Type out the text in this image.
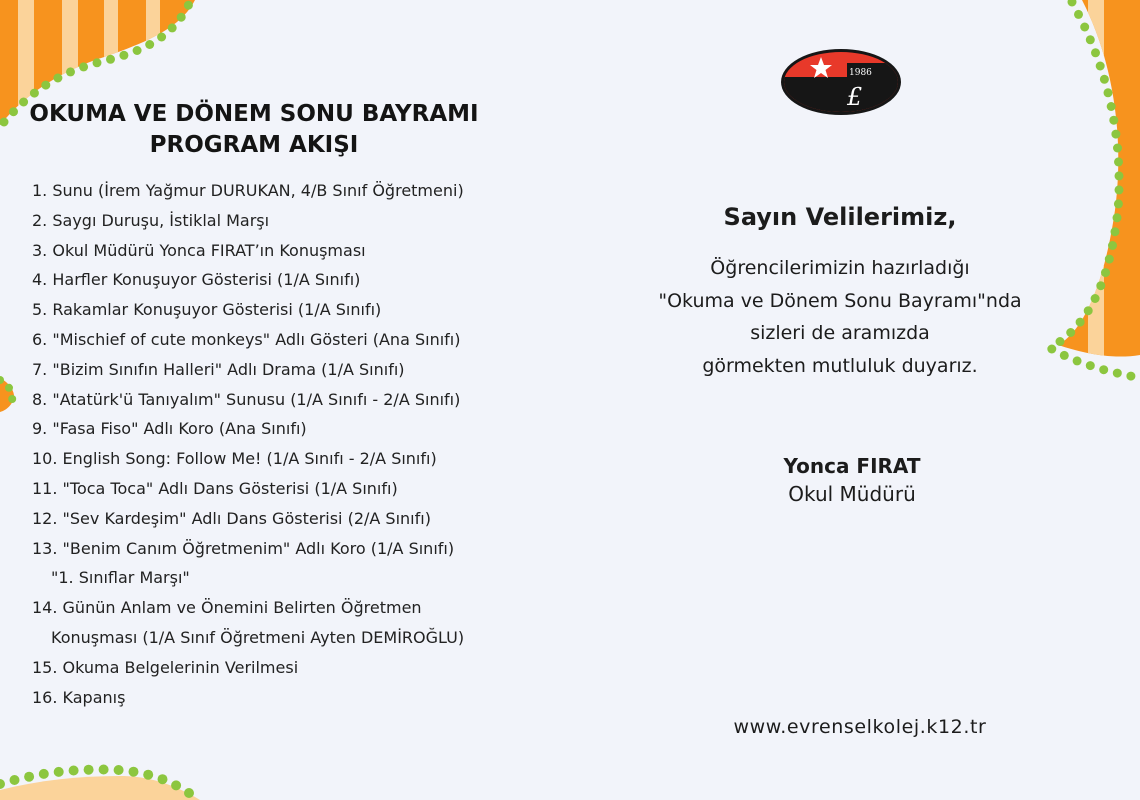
OKUMA VE DÖNEM SONU BAYRAMI
PROGRAM AKIŞI
1. Sunu (İrem Yağmur DURUKAN, 4/B Sınıf Öğretmeni)
2. Saygı Duruşu, İstiklal Marşı
3. Okul Müdürü Yonca FIRAT’ın Konuşması
4. Harfler Konuşuyor Gösterisi (1/A Sınıfı)
5. Rakamlar Konuşuyor Gösterisi (1/A Sınıfı)
6. "Mischief of cute monkeys" Adlı Gösteri (Ana Sınıfı)
7. "Bizim Sınıfın Halleri" Adlı Drama (1/A Sınıfı)
8. "Atatürk'ü Tanıyalım" Sunusu (1/A Sınıfı - 2/A Sınıfı)
9. "Fasa Fiso" Adlı Koro (Ana Sınıfı)
10. English Song: Follow Me! (1/A Sınıfı - 2/A Sınıfı)
11. "Toca Toca" Adlı Dans Gösterisi (1/A Sınıfı)
12. "Sev Kardeşim" Adlı Dans Gösterisi (2/A Sınıfı)
13. "Benim Canım Öğretmenim" Adlı Koro (1/A Sınıfı)
"1. Sınıflar Marşı"
14. Günün Anlam ve Önemini Belirten Öğretmen
Konuşması (1/A Sınıf Öğretmeni Ayten DEMİROĞLU)
15. Okuma Belgelerinin Verilmesi
16. Kapanış
1986
£
Sayın Velilerimiz,
Öğrencilerimizin hazırladığı
"Okuma ve Dönem Sonu Bayramı"nda
sizleri de aramızda
görmekten mutluluk duyarız.
Yonca FIRAT
Okul Müdürü
www.evrenselkolej.k12.tr
